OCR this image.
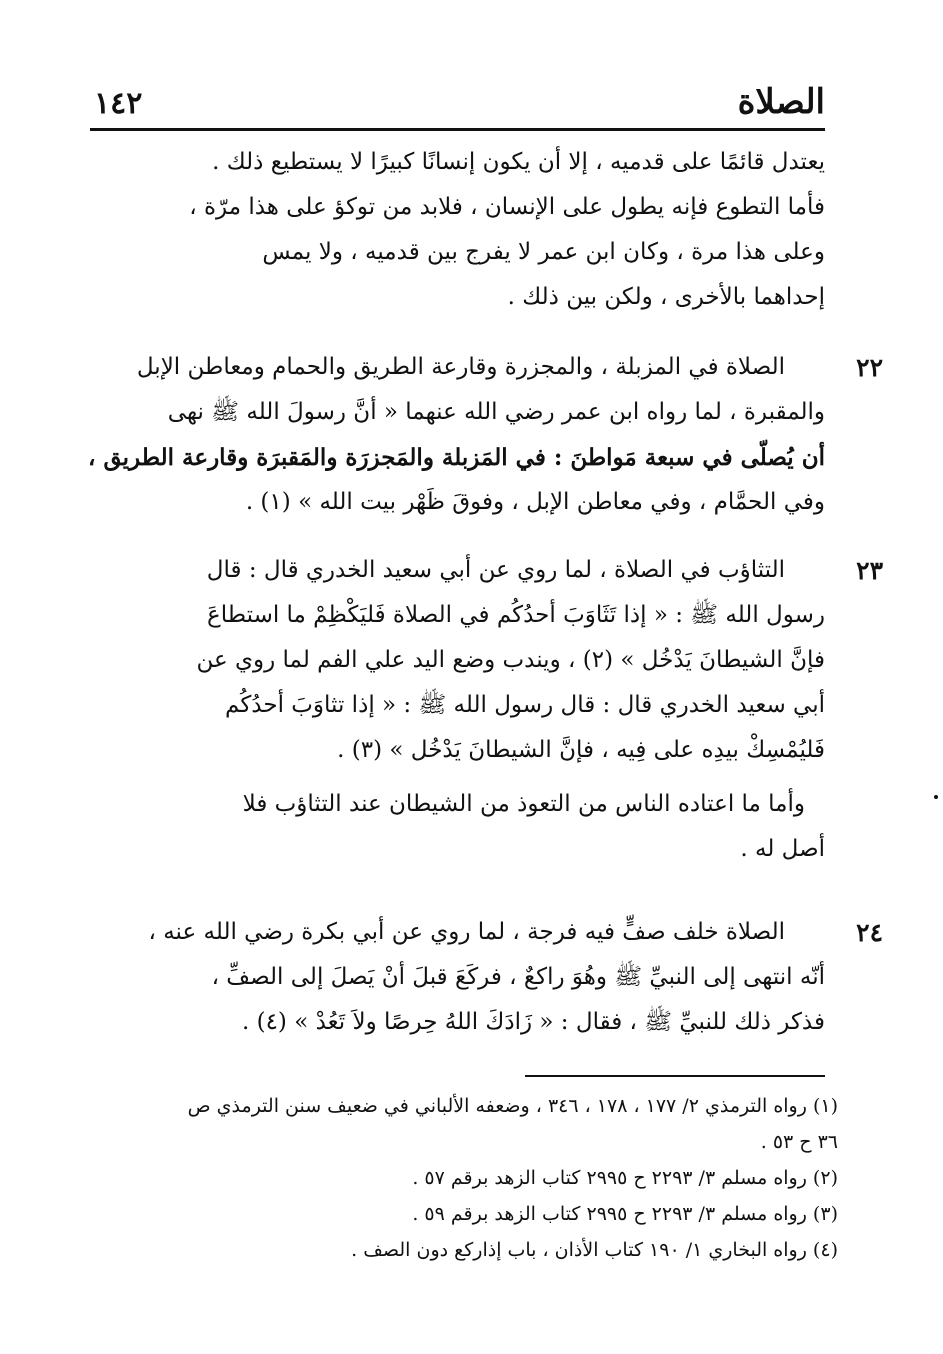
الصلاة
١٤٢

يعتدل قائمًا على قدميه ، إلا أن يكون إنسانًا كبيرًا لا يستطيع ذلك .

فأما التطوع فإنه يطول على الإنسان ، فلابد من توكؤ على هذا مرّة ،

وعلى هذا مرة ، وكان ابن عمر لا يفرج بين قدميه ، ولا يمس

إحداهما بالأخرى ، ولكن بين ذلك .

٢٢

الصلاة في المزبلة ، والمجزرة وقارعة الطريق والحمام ومعاطن الإبل

والمقبرة ، لما رواه ابن عمر رضي الله عنهما « أنَّ رسولَ الله ﷺ نهى

أن يُصلّى في سبعة مَواطنَ : في المَزبلة والمَجزرَة والمَقبرَة وقارعة الطريق ،

وفي الحمَّام ، وفي معاطن الإبل ، وفوقَ ظَهْر بيت الله » (١) .

٢٣

التثاؤب في الصلاة ، لما روي عن أبي سعيد الخدري قال : قال

رسول الله ﷺ : « إذا تَثَاوَبَ أحدُكُم في الصلاة فَليَكْظِمْ ما استطاعَ

فإنَّ الشيطانَ يَدْخُل » (٢) ، ويندب وضع اليد علي الفم لما روي عن

أبي سعيد الخدري قال : قال رسول الله ﷺ : « إذا تثاوَبَ أحدُكُم

فَليُمْسِكْ بيدِه على فِيه ، فإنَّ الشيطانَ يَدْخُل » (٣) .

وأما ما اعتاده الناس من التعوذ من الشيطان عند التثاؤب فلا

أصل له .

٢٤

الصلاة خلف صفٍّ فيه فرجة ، لما روي عن أبي بكرة رضي الله عنه ،

أنّه انتهى إلى النبيِّ ﷺ وهُوَ راكعٌ ، فركَعَ قبلَ أنْ يَصلَ إلى الصفِّ ،

فذكر ذلك للنبيِّ ﷺ ، فقال : « زَادَكَ اللهُ حِرصًا ولاَ تَعُدْ » (٤) .

(١) رواه الترمذي ٢/ ١٧٧ ، ١٧٨ ، ٣٤٦ ، وضعفه الألباني في ضعيف سنن الترمذي ص

٣٦ ح ٥٣ .

(٢) رواه مسلم ٣/ ٢٢٩٣ ح ٢٩٩٥ كتاب الزهد برقم ٥٧ .

(٣) رواه مسلم ٣/ ٢٢٩٣ ح ٢٩٩٥ كتاب الزهد برقم ٥٩ .

(٤) رواه البخاري ١/ ١٩٠ كتاب الأذان ، باب إذاركع دون الصف .
